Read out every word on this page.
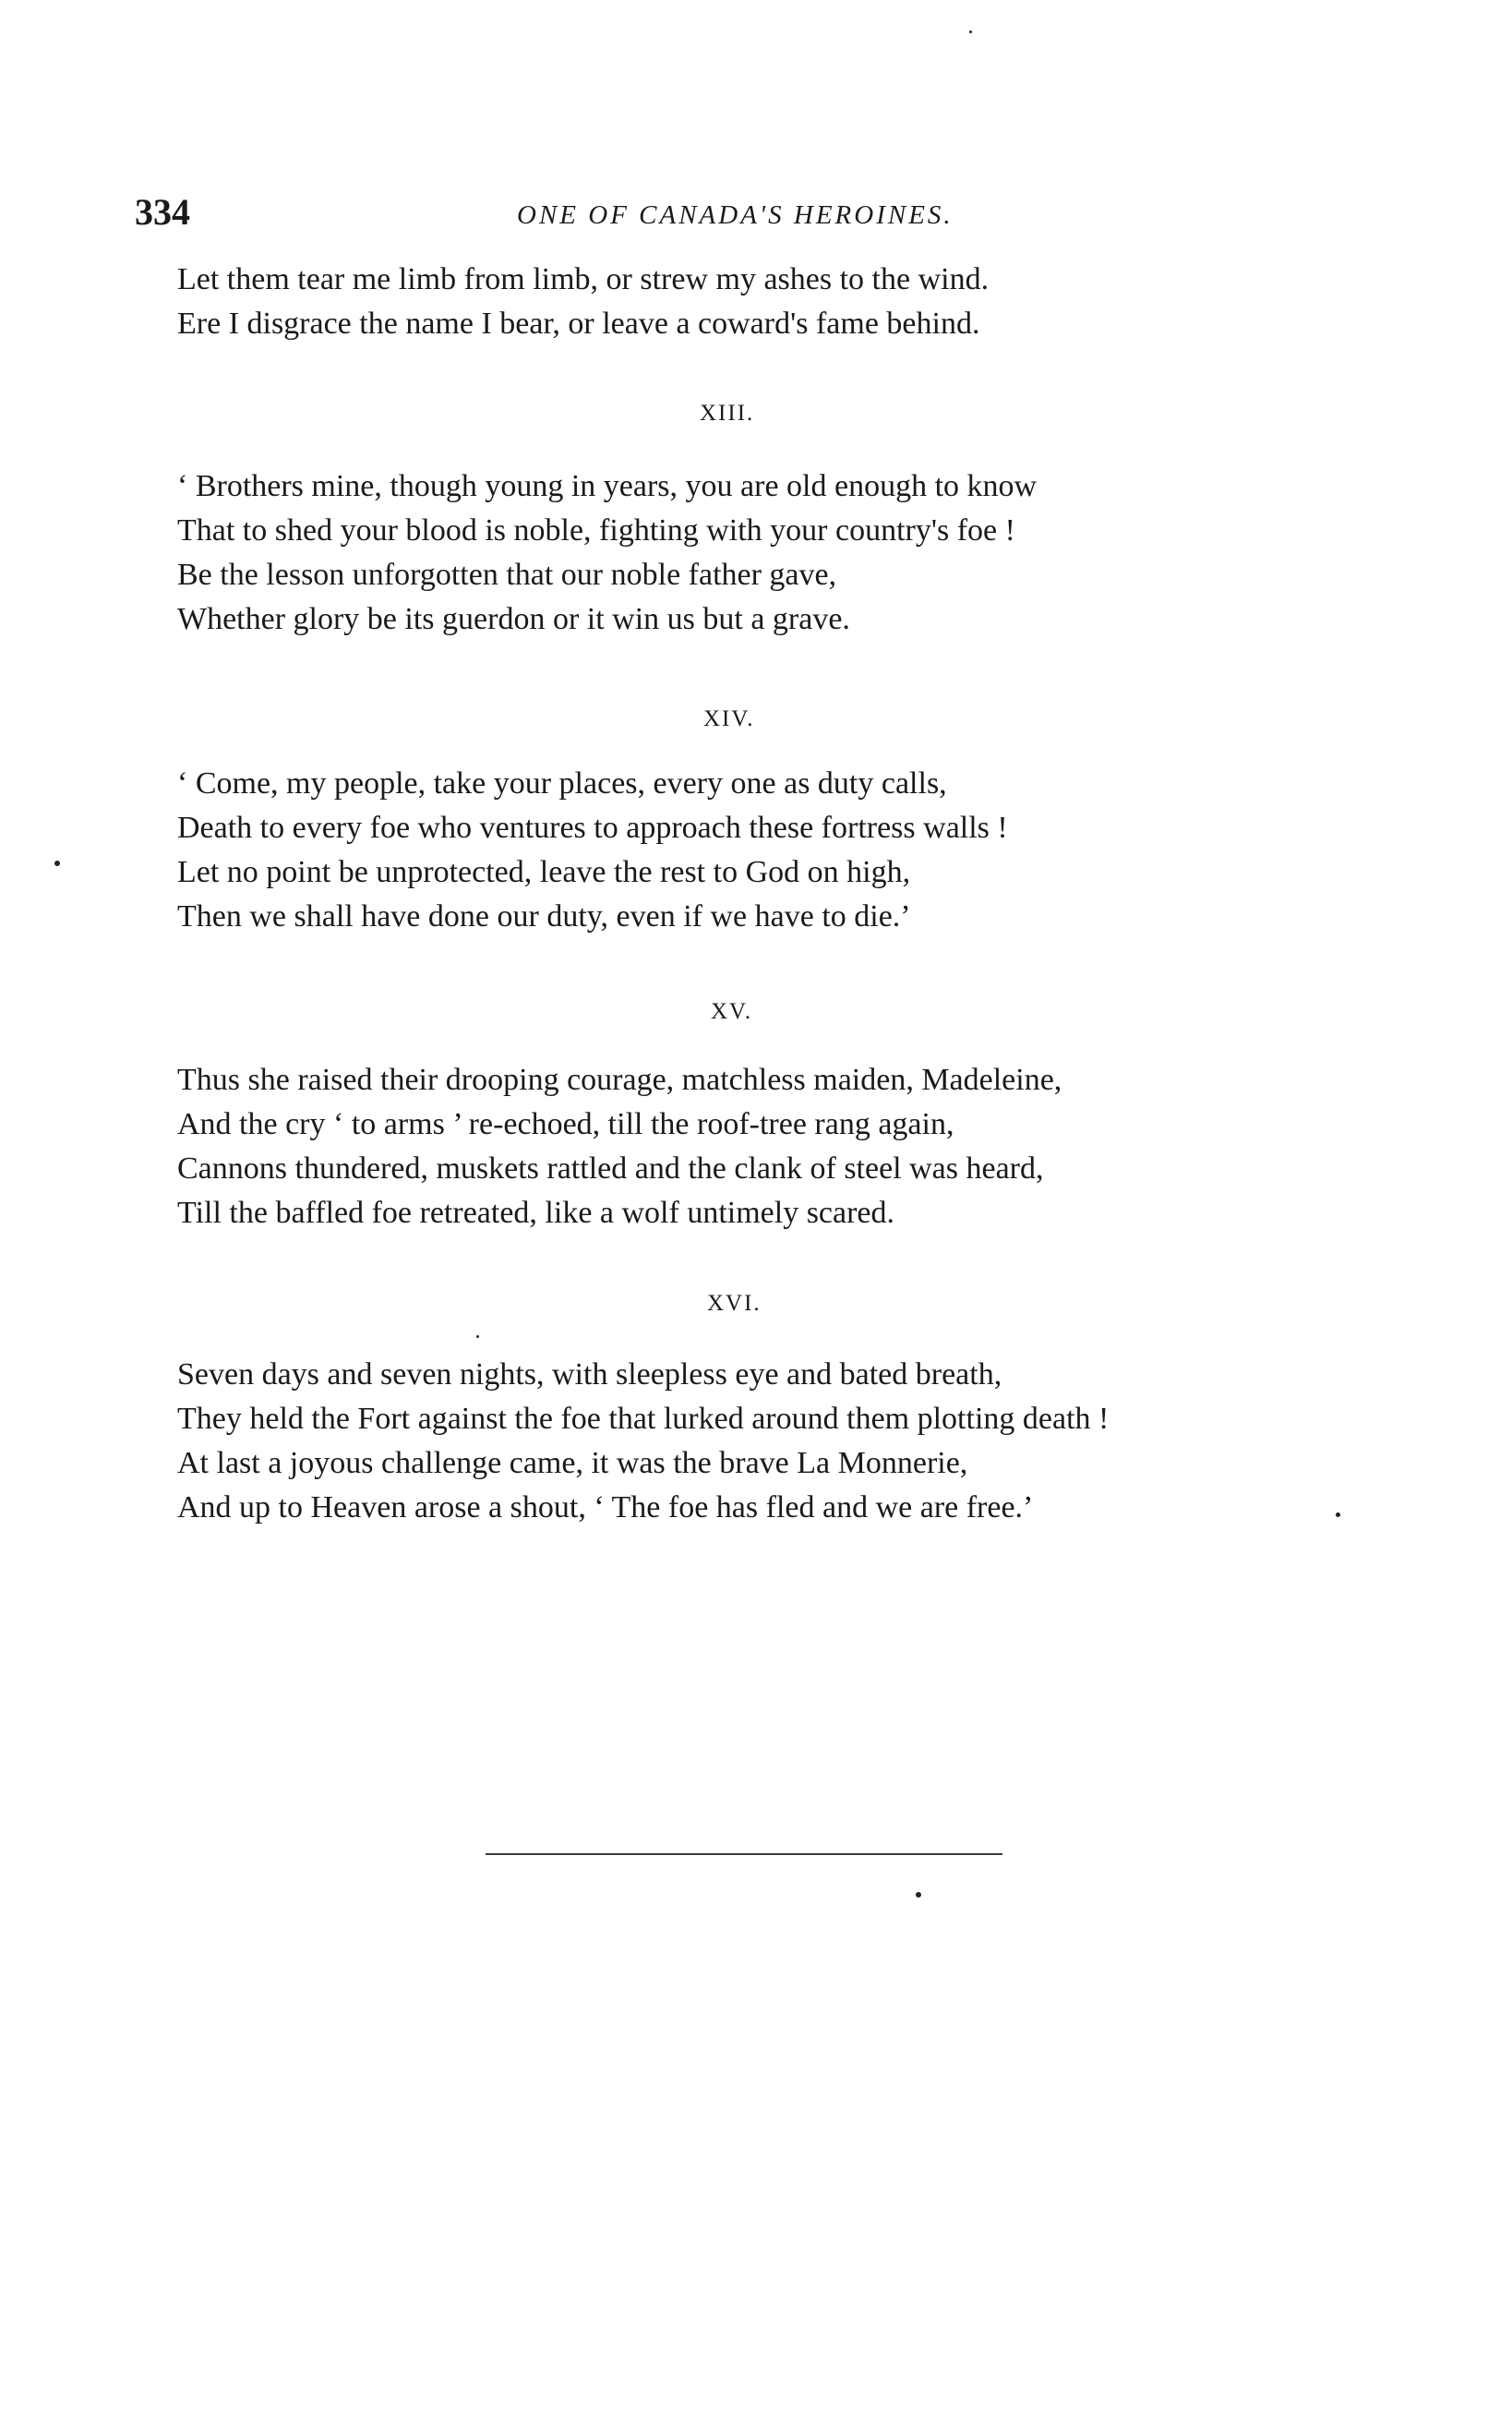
334	ONE OF CANADA'S HEROINES.
Let them tear me limb from limb, or strew my ashes to the wind.
Ere I disgrace the name I bear, or leave a coward's fame behind.
XIII.
‘ Brothers mine, though young in years, you are old enough to know
That to shed your blood is noble, fighting with your country's foe !
Be the lesson unforgotten that our noble father gave,
Whether glory be its guerdon or it win us but a grave.
XIV.
‘ Come, my people, take your places, every one as duty calls,
Death to every foe who ventures to approach these fortress walls !
Let no point be unprotected, leave the rest to God on high,
Then we shall have done our duty, even if we have to die.’
XV.
Thus she raised their drooping courage, matchless maiden, Madeleine,
And the cry ‘ to arms ’ re-echoed, till the roof-tree rang again,
Cannons thundered, muskets rattled and the clank of steel was heard,
Till the baffled foe retreated, like a wolf untimely scared.
XVI.
Seven days and seven nights, with sleepless eye and bated breath,
They held the Fort against the foe that lurked around them plotting death !
At last a joyous challenge came, it was the brave La Monnerie,
And up to Heaven arose a shout, ‘ The foe has fled and we are free.’
